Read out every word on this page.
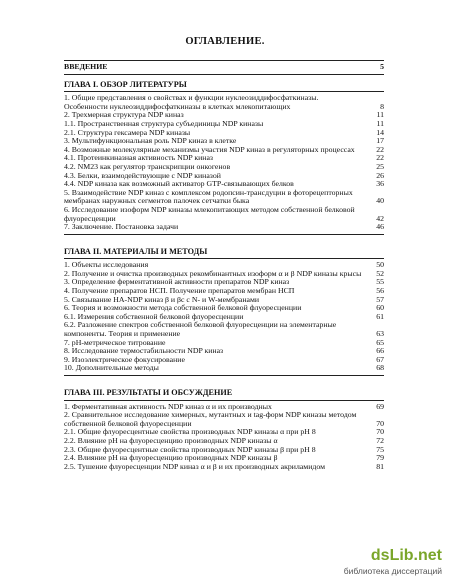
ОГЛАВЛЕНИЕ.
ВВЕДЕНИЕ	5
ГЛАВА I. ОБЗОР ЛИТЕРАТУРЫ
1. Общие представления о свойствах и функции нуклеозиддифосфаткиназы. Особенности нуклеозиддифосфаткиназы в клетках млекопитающих	8
2. Трехмерная структура NDP киназ	11
1.1. Пространственная структура субъединицы NDP киназы	11
2.1. Структура гексамера NDP киназы	14
3. Мультифункциональная роль NDP киназ в клетке	17
4. Возможные молекулярные механизмы участия NDP киназ в регуляторных процессах	22
4.1. Протеинкиназная активность NDP киназ	22
4.2. NM23 как регулятор транскрипции онкогенов	25
4.3. Белки, взаимодействующие с NDP киназой	26
4.4. NDP киназа как возможный активатор GTP-связывающих белков	36
5. Взаимодействие NDP киназ с комплексом родопсин-трансдуцин в фоторецепторных мембранах наружных сегментов палочек сетчатки быка	40
6. Исследование изоформ NDP киназы млекопитающих методом собственной белковой флуоресценции	42
7. Заключение. Постановка задачи	46
ГЛАВА II. МАТЕРИАЛЫ И МЕТОДЫ
1. Объекты исследования	50
2. Получение и очистка производных рекомбинантных изоформ α и β NDP киназы крысы	52
3. Определение ферментативной активности препаратов NDP киназ	55
4. Получение препаратов НСП. Получение препаратов мембран НСП	56
5. Связывание НА-NDP киназ β и βс с N- и W-мембранами	57
6. Теория и возможности метода собственной белковой флуоресценции	60
6.1. Измерения собственной белковой флуоресценции	61
6.2. Разложение спектров собственной белковой флуоресценции на элементарные компоненты. Теория и применение	63
7. рН-метрическое титрование	65
8. Исследование термостабильности NDP киназ	66
9. Изоэлектрическое фокусирование	67
10. Дополнительные методы	68
ГЛАВА III. РЕЗУЛЬТАТЫ И ОБСУЖДЕНИЕ
1. Ферментативная активность NDP киназ α и их производных	69
2. Сравнительное исследование химерных, мутантных и tag-форм NDP киназы методом собственной белковой флуоресценции	70
2.1. Общие флуоресцентные свойства производных NDP киназы α при рН 8	70
2.2. Влияние рН на флуоресценцию производных NDP киназы α	72
2.3. Общие флуоресцентные свойства производных NDP киназы β при рН 8	75
2.4. Влияние рН на флуоресценцию производных NDP киназы β	79
2.5. Тушение флуоресценции NDP киназ α и β и их производных акриламидом	81
dsLib.net
библиотека диссертаций
